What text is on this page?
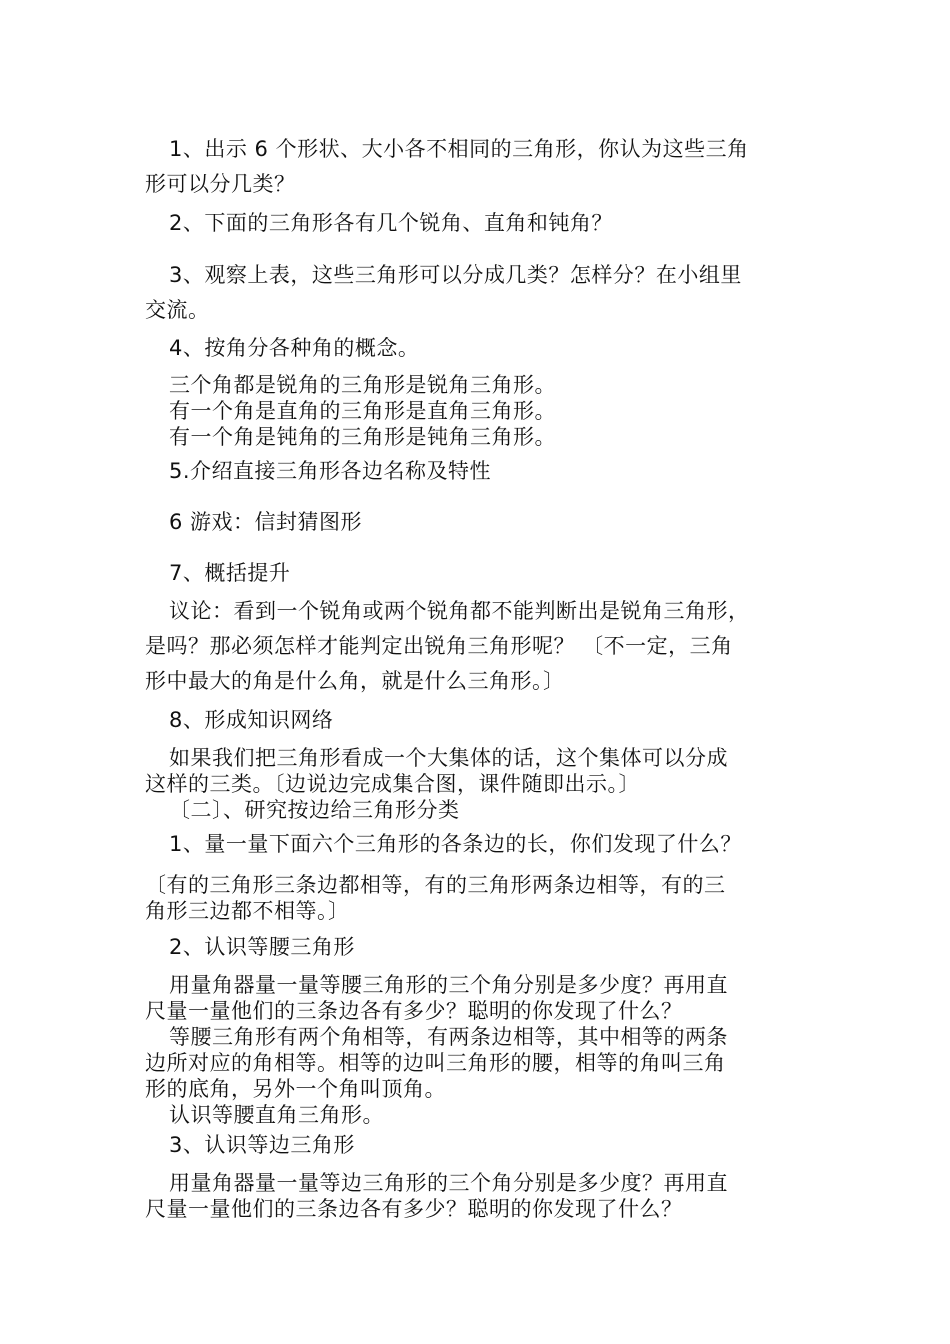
1、出示 6 个形状、大小各不相同的三角形，你认为这些三角
形可以分几类？
2、下面的三角形各有几个锐角、直角和钝角？
3、观察上表，这些三角形可以分成几类？怎样分？在小组里
交流。
4、按角分各种角的概念。
三个角都是锐角的三角形是锐角三角形。
有一个角是直角的三角形是直角三角形。
有一个角是钝角的三角形是钝角三角形。
5.介绍直接三角形各边名称及特性
6 游戏：信封猜图形
7、概括提升
议论：看到一个锐角或两个锐角都不能判断出是锐角三角形，
是吗？那必须怎样才能判定出锐角三角形呢？ 〔不一定，三角
形中最大的角是什么角，就是什么三角形。〕
8、形成知识网络
如果我们把三角形看成一个大集体的话，这个集体可以分成
这样的三类。〔边说边完成集合图，课件随即出示。〕
〔二〕、研究按边给三角形分类
1、量一量下面六个三角形的各条边的长，你们发现了什么？
〔有的三角形三条边都相等，有的三角形两条边相等，有的三
角形三边都不相等。〕
2、认识等腰三角形
用量角器量一量等腰三角形的三个角分别是多少度？再用直
尺量一量他们的三条边各有多少？聪明的你发现了什么？
等腰三角形有两个角相等，有两条边相等，其中相等的两条
边所对应的角相等。相等的边叫三角形的腰，相等的角叫三角
形的底角，另外一个角叫顶角。
认识等腰直角三角形。
3、认识等边三角形
用量角器量一量等边三角形的三个角分别是多少度？再用直
尺量一量他们的三条边各有多少？聪明的你发现了什么？
